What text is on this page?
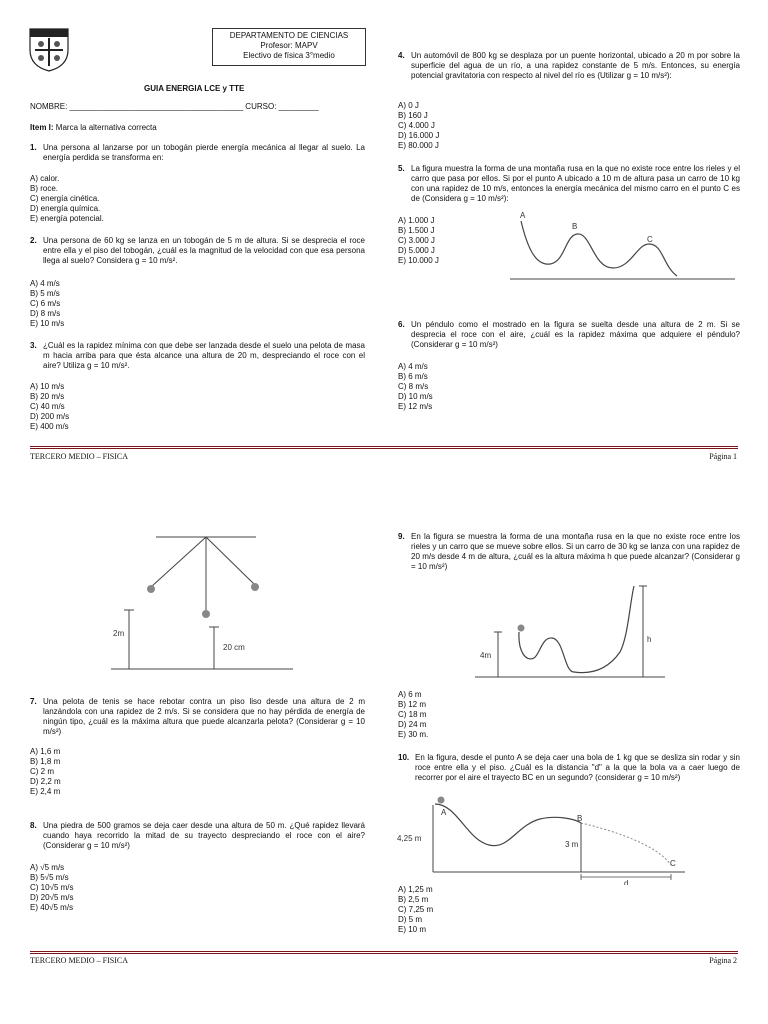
DEPARTAMENTO DE CIENCIAS
Profesor: MAPV
Electivo de física 3°medio
GUIA ENERGIA LCE y TTE
NOMBRE: _______________________________________ CURSO: _________
Item I: Marca la alternativa correcta
1. Una persona al lanzarse por un tobogán pierde energía mecánica al llegar al suelo. La energía perdida se transforma en:
A) calor.
B) roce.
C) energía cinética.
D) energía química.
E) energía potencial.
2. Una persona de 60 kg se lanza en un tobogán de 5 m de altura. Si se desprecia el roce entre ella y el piso del tobogán, ¿cuál es la magnitud de la velocidad con que esa persona llega al suelo? Considera g = 10 m/s².
A) 4 m/s
B) 5 m/s
C) 6 m/s
D) 8 m/s
E) 10 m/s
3. ¿Cuál es la rapidez mínima con que debe ser lanzada desde el suelo una pelota de masa m hacia arriba para que ésta alcance una altura de 20 m, despreciando el roce con el aire? Utiliza g = 10 m/s².
A) 10 m/s
B) 20 m/s
C) 40 m/s
D) 200 m/s
E) 400 m/s
4. Un automóvil de 800 kg se desplaza por un puente horizontal, ubicado a 20 m por sobre la superficie del agua de un río, a una rapidez constante de 5 m/s. Entonces, su energía potencial gravitatoria con respecto al nivel del río es (Utilizar g = 10 m/s²):
A) 0 J
B) 160 J
C) 4.000 J
D) 16.000 J
E) 80.000 J
5. La figura muestra la forma de una montaña rusa en la que no existe roce entre los rieles y el carro que pasa por ellos. Si por el punto A ubicado a 10 m de altura pasa un carro de 10 kg con una rapidez de 10 m/s, entonces la energía mecánica del mismo carro en el punto C es de (Considera g = 10 m/s²):
A) 1.000 J
B) 1.500 J
C) 3.000 J
D) 5.000 J
E) 10.000 J
A
B
C
6. Un péndulo como el mostrado en la figura se suelta desde una altura de 2 m. Si se desprecia el roce con el aire, ¿cuál es la rapidez máxima que adquiere el péndulo? (Considerar g = 10 m/s²)
A) 4 m/s
B) 6 m/s
C) 8 m/s
D) 10 m/s
E) 12 m/s
TERCERO MEDIO – FISICA	Página 1
2m
20 cm
7. Una pelota de tenis se hace rebotar contra un piso liso desde una altura de 2 m lanzándola con una rapidez de 2 m/s. Si se considera que no hay pérdida de energía de ningún tipo, ¿cuál es la máxima altura que puede alcanzarla pelota? (Considerar g = 10 m/s²)
A) 1,6 m
B) 1,8 m
C) 2 m
D) 2,2 m
E) 2,4 m
8. Una piedra de 500 gramos se deja caer desde una altura de 50 m. ¿Qué rapidez llevará cuando haya recorrido la mitad de su trayecto despreciando el roce con el aire? (Considerar g = 10 m/s²)
A) √5 m/s
B) 5√5 m/s
C) 10√5 m/s
D) 20√5 m/s
E) 40√5 m/s
9. En la figura se muestra la forma de una montaña rusa en la que no existe roce entre los rieles y un carro que se mueve sobre ellos. Si un carro de 30 kg se lanza con una rapidez de 20 m/s desde 4 m de altura, ¿cuál es la altura máxima h que puede alcanzar? (Considerar g = 10 m/s²)
4m
h
A) 6 m
B) 12 m
C) 18 m
D) 24 m
E) 30 m.
10. En la figura, desde el punto A se deja caer una bola de 1 kg que se desliza sin rodar y sin roce entre ella y el piso. ¿Cuál es la distancia "d" a la que la bola va a caer luego de recorrer por el aire el trayecto BC en un segundo? (considerar g = 10 m/s²)
A
B
C
4,25 m
3 m
d
A) 1,25 m
B) 2,5 m
C) 7,25 m
D) 5 m
E) 10 m
TERCERO MEDIO – FISICA	Página 2
